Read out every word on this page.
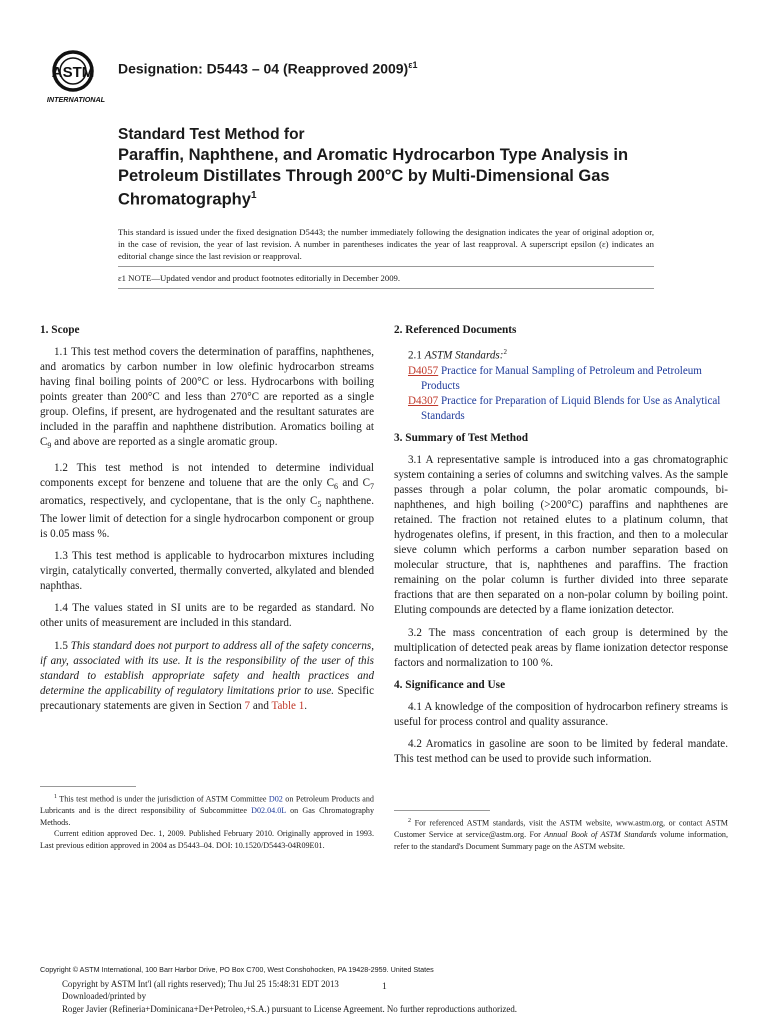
ASTM
INTERNATIONAL
Designation: D5443 – 04 (Reapproved 2009)$^{\varepsilon 1}$
Standard Test Method for
Paraffin, Naphthene, and Aromatic Hydrocarbon Type Analysis in Petroleum Distillates Through 200°C by Multi-Dimensional Gas Chromatography$^1$
This standard is issued under the fixed designation D5443; the number immediately following the designation indicates the year of original adoption or, in the case of revision, the year of last revision. A number in parentheses indicates the year of last reapproval. A superscript epsilon (ε) indicates an editorial change since the last revision or reapproval.
ε1 NOTE—Updated vendor and product footnotes editorially in December 2009.
1. Scope

1.1 This test method covers the determination of paraffins, naphthenes, and aromatics by carbon number in low olefinic hydrocarbon streams having final boiling points of 200°C or less. Hydrocarbons with boiling points greater than 200°C and less than 270°C are reported as a single group. Olefins, if present, are hydrogenated and the resultant saturates are included in the paraffin and naphthene distribution. Aromatics boiling at $C_9$ and above are reported as a single aromatic group.

1.2 This test method is not intended to determine individual components except for benzene and toluene that are the only $C_6$ and $C_7$ aromatics, respectively, and cyclopentane, that is the only $C_5$ naphthene. The lower limit of detection for a single hydrocarbon component or group is 0.05 mass %.

1.3 This test method is applicable to hydrocarbon mixtures including virgin, catalytically converted, thermally converted, alkylated and blended naphthas.

1.4 The values stated in SI units are to be regarded as standard. No other units of measurement are included in this standard.

1.5 This standard does not purport to address all of the safety concerns, if any, associated with its use. It is the responsibility of the user of this standard to establish appropriate safety and health practices and determine the applicability of regulatory limitations prior to use. Specific precautionary statements are given in Section 7 and Table 1.

2. Referenced Documents
2.1 ASTM Standards:$^2$
D4057 Practice for Manual Sampling of Petroleum and Petroleum Products
D4307 Practice for Preparation of Liquid Blends for Use as Analytical Standards
3. Summary of Test Method

3.1 A representative sample is introduced into a gas chromatographic system containing a series of columns and switching valves. As the sample passes through a polar column, the polar aromatic compounds, bi-naphthenes, and high boiling (>200°C) paraffins and naphthenes are retained. The fraction not retained elutes to a platinum column, that hydrogenates olefins, if present, in this fraction, and then to a molecular sieve column which performs a carbon number separation based on molecular structure, that is, naphthenes and paraffins. The fraction remaining on the polar column is further divided into three separate fractions that are then separated on a non-polar column by boiling point. Eluting compounds are detected by a flame ionization detector.

3.2 The mass concentration of each group is determined by the multiplication of detected peak areas by flame ionization detector response factors and normalization to 100 %.

4. Significance and Use

4.1 A knowledge of the composition of hydrocarbon refinery streams is useful for process control and quality assurance.

4.2 Aromatics in gasoline are soon to be limited by federal mandate. This test method can be used to provide such information.

$^1$ This test method is under the jurisdiction of ASTM Committee D02 on Petroleum Products and Lubricants and is the direct responsibility of Subcommittee D02.04.0L on Gas Chromatography Methods.

Current edition approved Dec. 1, 2009. Published February 2010. Originally approved in 1993. Last previous edition approved in 2004 as D5443–04. DOI: 10.1520/D5443-04R09E01.

$^2$ For referenced ASTM standards, visit the ASTM website, www.astm.org, or contact ASTM Customer Service at service@astm.org. For Annual Book of ASTM Standards volume information, refer to the standard's Document Summary page on the ASTM website.

Copyright © ASTM International, 100 Barr Harbor Drive, PO Box C700, West Conshohocken, PA 19428-2959. United States
Copyright by ASTM Int'l (all rights reserved); Thu Jul 25 15:48:31 EDT 2013
Downloaded/printed by
Roger Javier (Refineria+Dominicana+De+Petroleo,+S.A.) pursuant to License Agreement. No further reproductions authorized.
1
